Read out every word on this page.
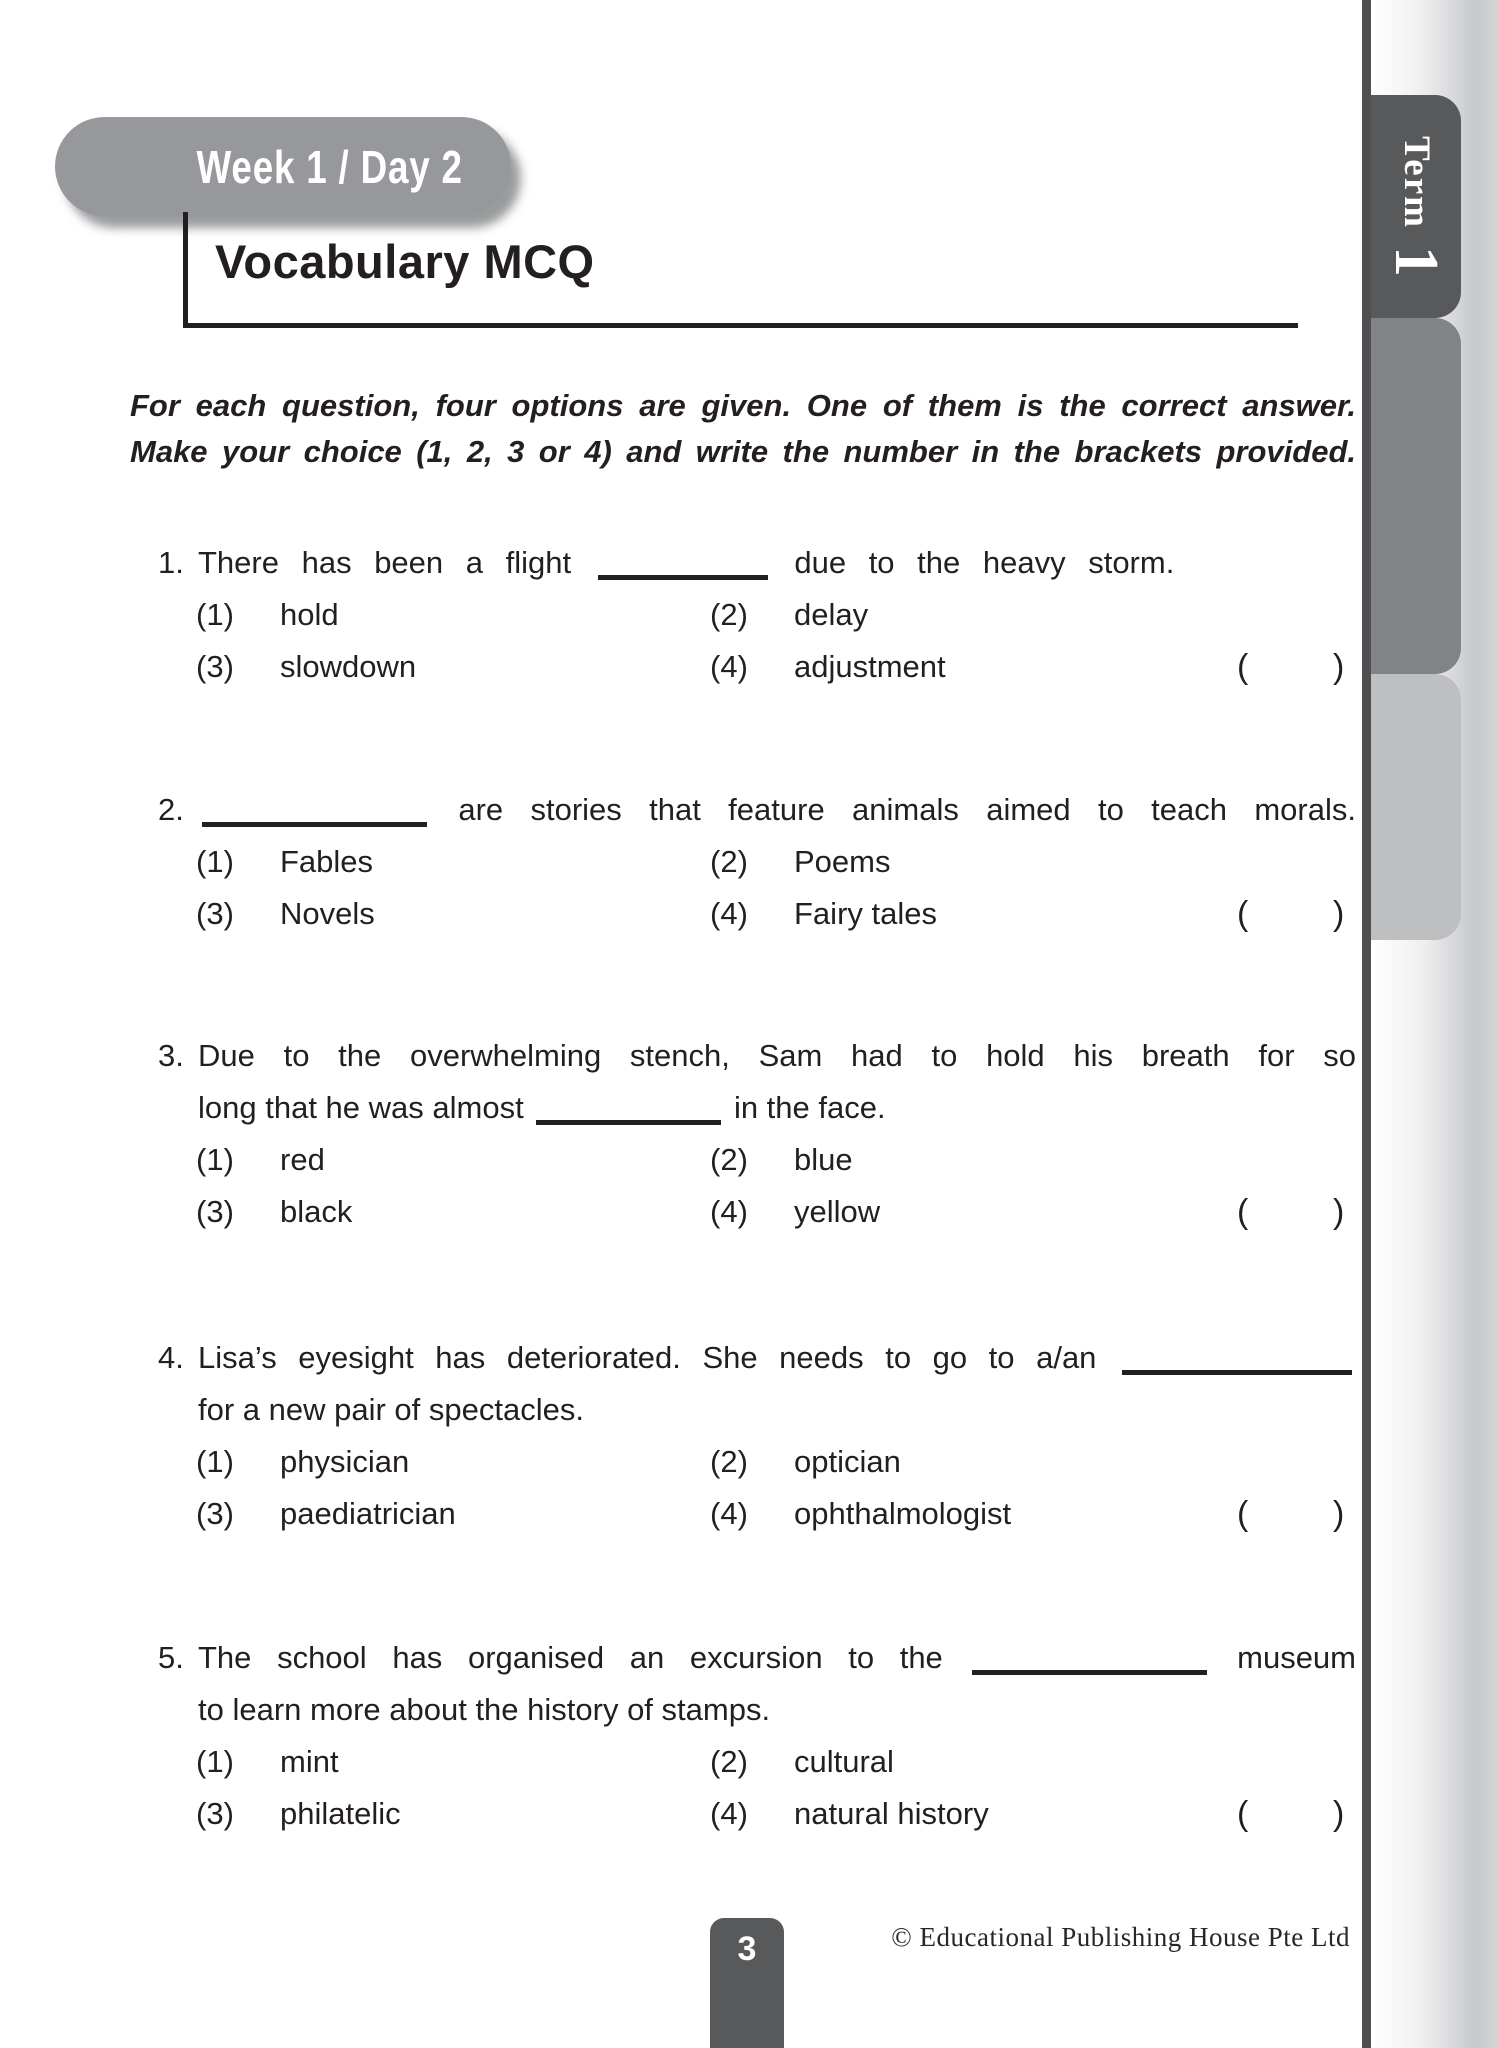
Term1
Week 1 / Day 2
Vocabulary MCQ
For each question, four options are given. One of them is the correct answer.
Make your choice (1, 2, 3 or 4) and write the number in the brackets provided.
1. There has been a flight	due to the heavy storm.
(1) hold	(2) delay
(3) slowdown	(4) adjustment	( )
2.	are stories that feature animals aimed to teach morals.
(1) Fables	(2) Poems
(3) Novels	(4) Fairy tales	( )
3. Due to the overwhelming stench, Sam had to hold his breath for so
long that he was almost	in the face.
(1) red	(2) blue
(3) black	(4) yellow	( )
4. Lisa’s eyesight has deteriorated. She needs to go to a/an
for a new pair of spectacles.
(1) physician	(2) optician
(3) paediatrician	(4) ophthalmologist	( )
5. The school has organised an excursion to the	museum
to learn more about the history of stamps.
(1) mint	(2) cultural
(3) philatelic	(4) natural history	( )
3	© Educational Publishing House Pte Ltd
